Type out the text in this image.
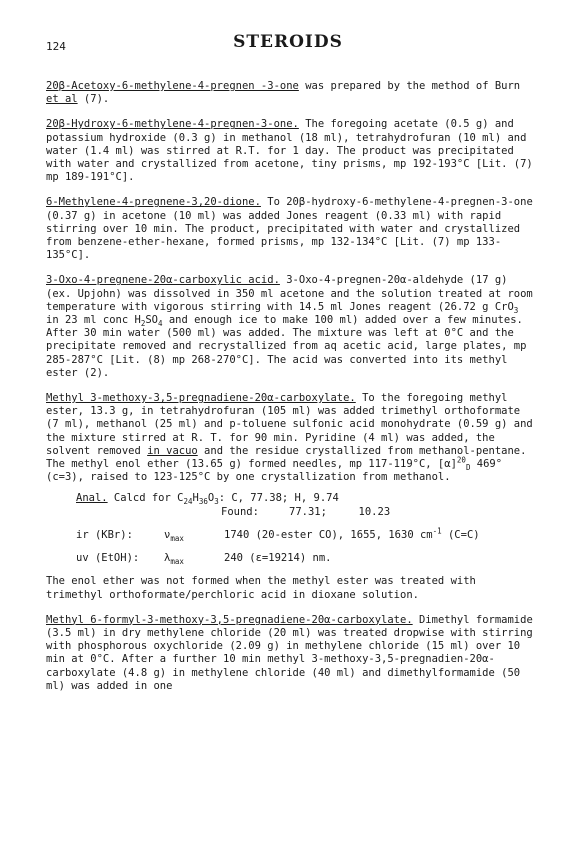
124	STEROIDS

20β-Acetoxy-6-methylene-4-pregnen -3-one was prepared by the method of Burn et al (7).

20β-Hydroxy-6-methylene-4-pregnen-3-one. The foregoing acetate (0.5 g) and potassium hydroxide (0.3 g) in methanol (18 ml), tetrahydrofuran (10 ml) and water (1.4 ml) was stirred at R.T. for 1 day. The product was precipitated with water and crystallized from acetone, tiny prisms, mp 192-193°C [Lit. (7) mp 189-191°C].

6-Methylene-4-pregnene-3,20-dione. To 20β-hydroxy-6-methylene-4-pregnen-3-one (0.37 g) in acetone (10 ml) was added Jones reagent (0.33 ml) with rapid stirring over 10 min. The product, precipitated with water and crystallized from benzene-ether-hexane, formed prisms, mp 132-134°C [Lit. (7) mp 133-135°C].

3-Oxo-4-pregnene-20α-carboxylic acid. 3-Oxo-4-pregnen-20α-aldehyde (17 g) (ex. Upjohn) was dissolved in 350 ml acetone and the solution treated at room temperature with vigorous stirring with 14.5 ml Jones reagent (26.72 g CrO$_3$ in 23 ml conc $H_2SO_4$ and enough ice to make 100 ml) added over a few minutes. After 30 min water (500 ml) was added. The mixture was left at 0°C and the precipitate removed and recrystallized from aq acetic acid, large plates, mp 285-287°C [Lit. (8) mp 268-270°C]. The acid was converted into its methyl ester (2).

Methyl 3-methoxy-3,5-pregnadiene-20α-carboxylate. To the foregoing methyl ester, 13.3 g, in tetrahydrofuran (105 ml) was added trimethyl orthoformate (7 ml), methanol (25 ml) and p-toluene sulfonic acid monohydrate (0.59 g) and the mixture stirred at R. T. for 90 min. Pyridine (4 ml) was added, the solvent removed in vacuo and the residue crystallized from methanol-pentane. The methyl enol ether (13.65 g) formed needles, mp 117-119°C, $[\alpha]^{20}_D$ 469° (c=3), raised to 123-125°C by one crystallization from methanol.
Anal. Calcd for $C_{24}H_{36}O_3$: C, 77.38; H, 9.74
Found:	77.31;     10.23
ir (KBr):	$\nu_{max}$	1740 (20-ester CO), 1655, 1630 $cm^{-1}$ (C=C)
uv (EtOH):	$\lambda_{max}$	240 (ε=19214) nm.
The enol ether was not formed when the methyl ester was treated with trimethyl orthoformate/perchloric acid in dioxane solution.

Methyl 6-formyl-3-methoxy-3,5-pregnadiene-20α-carboxylate. Dimethyl formamide (3.5 ml) in dry methylene chloride (20 ml) was treated dropwise with stirring with phosphorous oxychloride (2.09 g) in methylene chloride (15 ml) over 10 min at 0°C. After a further 10 min methyl 3-methoxy-3,5-pregnadien-20α-carboxylate (4.8 g) in methylene chloride (40 ml) and dimethylformamide (50 ml) was added in one
